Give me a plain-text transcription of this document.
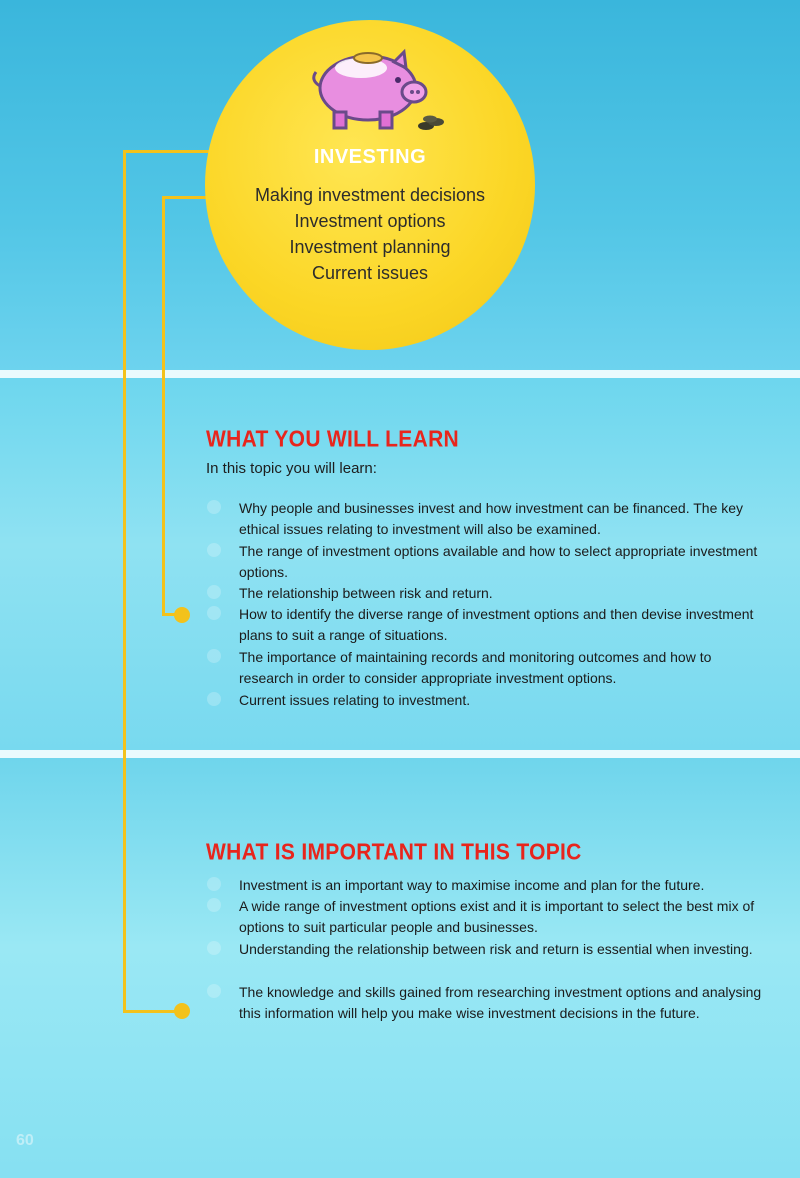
INVESTING
Making investment decisions
Investment options
Investment planning
Current issues
WHAT YOU WILL LEARN
In this topic you will learn:
Why people and businesses invest and how investment can be financed. The key ethical issues relating to investment will also be examined.
The range of investment options available and how to select appropriate investment options.
The relationship between risk and return.
How to identify the diverse range of investment options and then devise investment plans to suit a range of situations.
The importance of maintaining records and monitoring outcomes and how to research in order to consider appropriate investment options.
Current issues relating to investment.
WHAT IS IMPORTANT IN THIS TOPIC
Investment is an important way to maximise income and plan for the future.
A wide range of investment options exist and it is important to select the best mix of options to suit particular people and businesses.
Understanding the relationship between risk and return is essential when investing.
The knowledge and skills gained from researching investment options and analysing this information will help you make wise investment decisions in the future.
60
